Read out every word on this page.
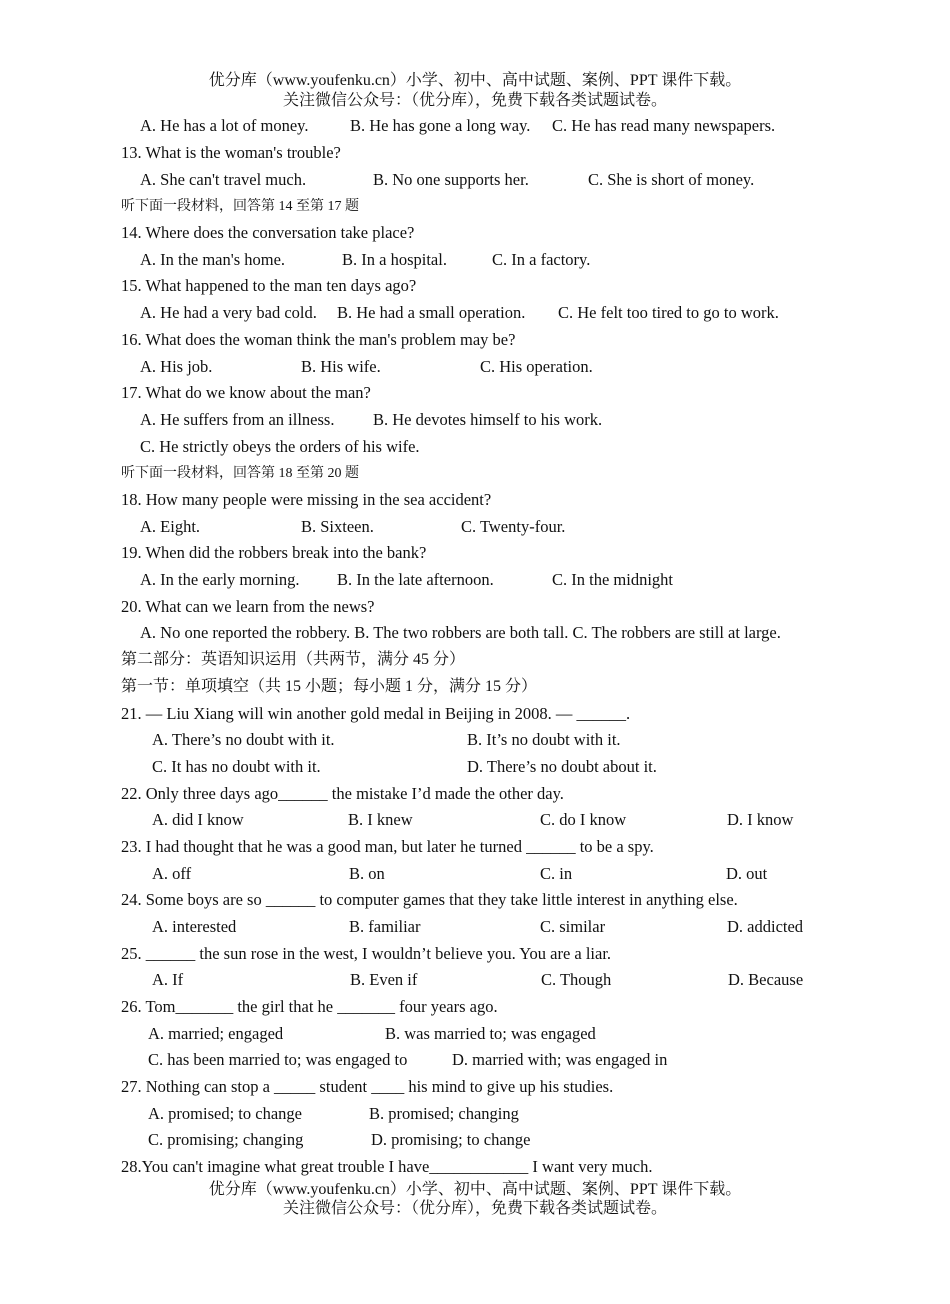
优分库（www.youfenku.cn）小学、初中、高中试题、案例、PPT 课件下载。
关注微信公众号：（优分库），免费下载各类试题试卷。
A. He has a lot of money.	B. He has gone a long way. C. He has read many newspapers.
13. What is the woman's trouble?
A. She can't travel much.	B. No one supports her.	C. She is short of money.
听下面一段材料，回答第 14 至第 17 题
14. Where does the conversation take place?
A. In the man's home.	B. In a hospital.	C. In a factory.
15. What happened to the man ten days ago?
A. He had a very bad cold. B. He had a small operation. C. He felt too tired to go to work.
16. What does the woman think the man's problem may be?
A. His job.	B. His wife.	C. His operation.
17. What do we know about the man?
A. He suffers from an illness. B. He devotes himself to his work.
C. He strictly obeys the orders of his wife.
听下面一段材料，回答第 18 至第 20 题
18. How many people were missing in the sea accident?
A. Eight.	B. Sixteen.	C. Twenty-four.
19. When did the robbers break into the bank?
A. In the early morning. B. In the late afternoon.	C. In the midnight
20. What can we learn from the news?
A. No one reported the robbery. B. The two robbers are both tall. C. The robbers are still at large.
第二部分：英语知识运用（共两节，满分 45 分）
第一节：单项填空（共 15 小题；每小题 1 分，满分 15 分）
21. — Liu Xiang will win another gold medal in Beijing in 2008. — ______.
A. There’s no doubt with it.	B. It’s no doubt with it.
C. It has no doubt with it.	D. There’s no doubt about it.
22. Only three days ago______ the mistake I’d made the other day.
A. did I know	B. I knew	C. do I know	D. I know
23. I had thought that he was a good man, but later he turned ______ to be a spy.
A. off	B. on	C. in	D. out
24. Some boys are so ______ to computer games that they take little interest in anything else.
A. interested	B. familiar	C. similar	D. addicted
25. ______ the sun rose in the west, I wouldn’t believe you. You are a liar.
A. If	B. Even if	C. Though	D. Because
26. Tom_______ the girl that he _______ four years ago.
A. married; engaged	B. was married to; was engaged
C. has been married to; was engaged to	D. married with; was engaged in
27. Nothing can stop a _____ student ____ his mind to give up his studies.
A. promised; to change	B. promised; changing
C. promising; changing	D. promising; to change
28.You can't imagine what great trouble I have____________ I want very much.
优分库（www.youfenku.cn）小学、初中、高中试题、案例、PPT 课件下载。
关注微信公众号：（优分库），免费下载各类试题试卷。
